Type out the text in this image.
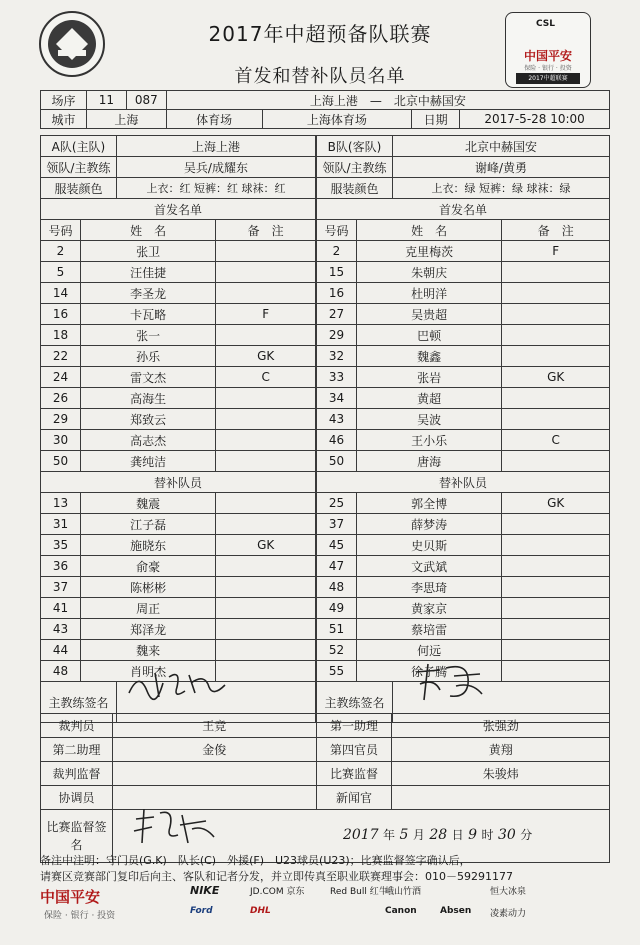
2017年中超预备队联赛
首发和替补队员名单
CSL
中国平安
保险 · 银行 · 投资
2017中超联赛
场序	11	087	上海上港　—　北京中赫国安			
城市	上海		体育场	上海体育场	日期	2017-5-28 10:00
A队(主队)		上海上港	
领队/主教练		吴兵/成耀东	
服装颜色		上衣：红 短裤：红 球袜：红	
首发名单			
号码	姓　名		备　注
2	张卫		
5	汪佳捷		
14	李圣龙		
16	卡瓦略		F
18	张一		
22	孙乐		GK
24	雷文杰		C
26	高海生		
29	郑致云		
30	高志杰		
50	龚纯洁		
替补队员			
13	魏震		
31	江子磊		
35	施晓东		GK
36	俞豪		
37	陈彬彬		
41	周正		
43	郑泽龙		
44	魏来		
48	肖明杰		
主教练签名			
B队(客队)		北京中赫国安	
领队/主教练		谢峰/黄勇	
服装颜色		上衣：绿 短裤：绿 球袜：绿	
首发名单			
号码	姓　名		备　注
2	克里梅茨		F
15	朱朝庆		
16	杜明洋		
27	吴贵超		
29	巴顿		
32	魏鑫		
33	张岩		GK
34	黄超		
43	吴波		
46	王小乐		C
50	唐海		
替补队员			
25	郭全博		GK
37	薛梦涛		
45	史贝斯		
47	文武斌		
48	李思琦		
49	黄家京		
51	蔡培雷		
52	何远		
55	徐子腾		
主教练签名			
裁判员	王竞	第一助理	张强劲
第二助理	金俊	第四官员	黄翔
裁判监督		比赛监督	朱骏炜
协调员		新闻官	
比赛监督签名	2017 年 5 月 28 日 9 时 30 分		
备注中注明：守门员(G.K)　队长(C)　外援(F)　U23球员(U23)；比赛监督签字确认后，
请赛区竞赛部门复印后向主、客队和记者分发，并立即传真至职业联赛理事会：010－59291177
中国平安
保险 · 银行 · 投资
NIKE	JD.COM 京东
Ford	DHL
Red Bull 红牛
峨山竹酒
Canon	Absen
恒大冰泉
凌素动力
